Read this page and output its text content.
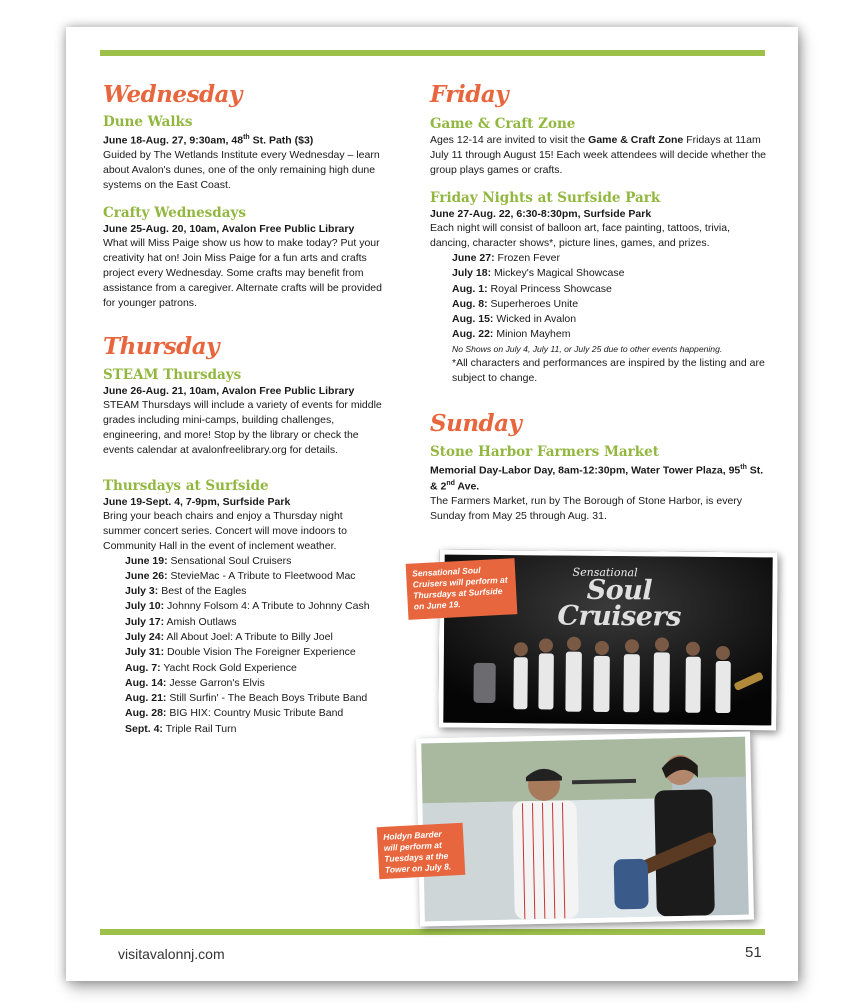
Wednesday
Dune Walks
June 18-Aug. 27, 9:30am, 48th St. Path ($3)
Guided by The Wetlands Institute every Wednesday – learn about Avalon's dunes, one of the only remaining high dune systems on the East Coast.
Crafty Wednesdays
June 25-Aug. 20, 10am, Avalon Free Public Library
What will Miss Paige show us how to make today? Put your creativity hat on! Join Miss Paige for a fun arts and crafts project every Wednesday. Some crafts may benefit from assistance from a caregiver. Alternate crafts will be provided for younger patrons.
Thursday
STEAM Thursdays
June 26-Aug. 21, 10am, Avalon Free Public Library
STEAM Thursdays will include a variety of events for middle grades including mini-camps, building challenges, engineering, and more! Stop by the library or check the events calendar at avalonfreelibrary.org for details.
Thursdays at Surfside
June 19-Sept. 4, 7-9pm, Surfside Park
Bring your beach chairs and enjoy a Thursday night summer concert series. Concert will move indoors to Community Hall in the event of inclement weather.
June 19: Sensational Soul Cruisers
June 26: StevieMac - A Tribute to Fleetwood Mac
July 3: Best of the Eagles
July 10: Johnny Folsom 4: A Tribute to Johnny Cash
July 17: Amish Outlaws
July 24: All About Joel: A Tribute to Billy Joel
July 31: Double Vision The Foreigner Experience
Aug. 7: Yacht Rock Gold Experience
Aug. 14: Jesse Garron's Elvis
Aug. 21: Still Surfin' - The Beach Boys Tribute Band
Aug. 28: BIG HIX: Country Music Tribute Band
Sept. 4: Triple Rail Turn
Friday
Game & Craft Zone
Ages 12-14 are invited to visit the Game & Craft Zone Fridays at 11am July 11 through August 15! Each week attendees will decide whether the group plays games or crafts.
Friday Nights at Surfside Park
June 27-Aug. 22, 6:30-8:30pm, Surfside Park
Each night will consist of balloon art, face painting, tattoos, trivia, dancing, character shows*, picture lines, games, and prizes.
June 27: Frozen Fever
July 18: Mickey's Magical Showcase
Aug. 1: Royal Princess Showcase
Aug. 8: Superheroes Unite
Aug. 15: Wicked in Avalon
Aug. 22: Minion Mayhem
No Shows on July 4, July 11, or July 25 due to other events happening.
*All characters and performances are inspired by the listing and are subject to change.
Sunday
Stone Harbor Farmers Market
Memorial Day-Labor Day, 8am-12:30pm, Water Tower Plaza, 95th St. & 2nd Ave.
The Farmers Market, run by The Borough of Stone Harbor, is every Sunday from May 25 through Aug. 31.
Sensational
Soul Cruisers
Sensational Soul Cruisers will perform at Thursdays at Surfside on June 19.
Holdyn Barder will perform at Tuesdays at the Tower on July 8.
visitavalonnj.com	51
